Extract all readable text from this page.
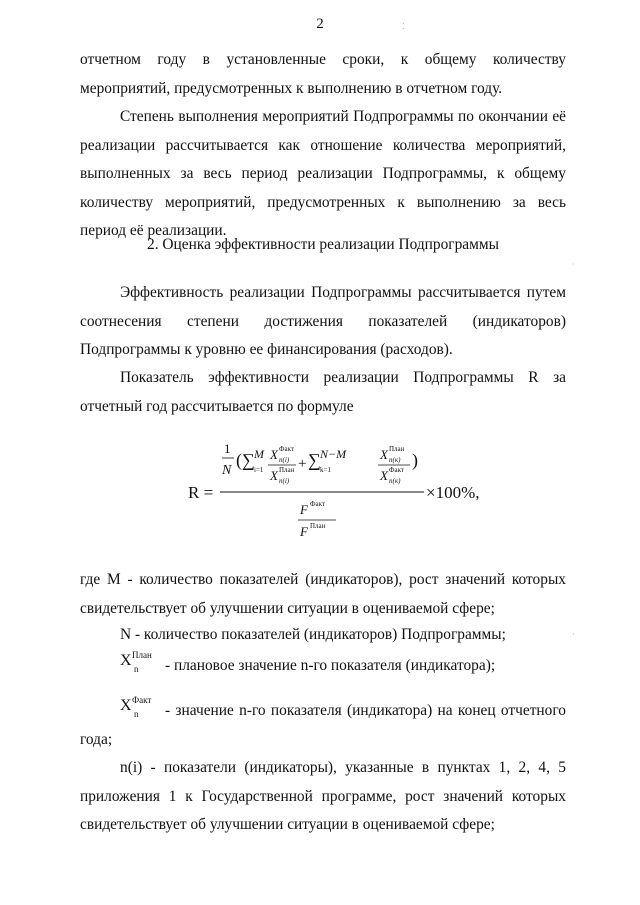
2	⁚
отчетном году в установленные сроки, к общему количеству мероприятий, предусмотренных к выполнению в отчетном году.
Степень выполнения мероприятий Подпрограммы по окончании её реализации рассчитывается как отношение количества мероприятий, выполненных за весь период реализации Подпрограммы, к общему количеству мероприятий, предусмотренных к выполнению за весь период её реализации.
2. Оценка эффективности реализации Подпрограммы
Эффективность реализации Подпрограммы рассчитывается путем соотнесения степени достижения показателей (индикаторов) Подпрограммы к уровню ее финансирования (расходов).
Показатель эффективности реализации Подпрограммы R за отчетный год рассчитывается по формуле
R =
1
N
( ∑ M
i=1
X Факт
n(i)
X План
n(i)
+ ∑ N−M
k=1
X План
n(к)
X Факт
n(к)
)
F Факт
F План
×100%,
где M - количество показателей (индикаторов), рост значений которых свидетельствует об улучшении ситуации в оцениваемой сфере;
N - количество показателей (индикаторов) Подпрограммы;
X План
n - плановое значение n-го показателя (индикатора);
X Факт
n	- значение n-го показателя (индикатора) на конец отчетного года;
n(i) - показатели (индикаторы), указанные в пунктах 1, 2, 4, 5 приложения 1 к Государственной программе, рост значений которых свидетельствует об улучшении ситуации в оцениваемой сфере;
·
·
